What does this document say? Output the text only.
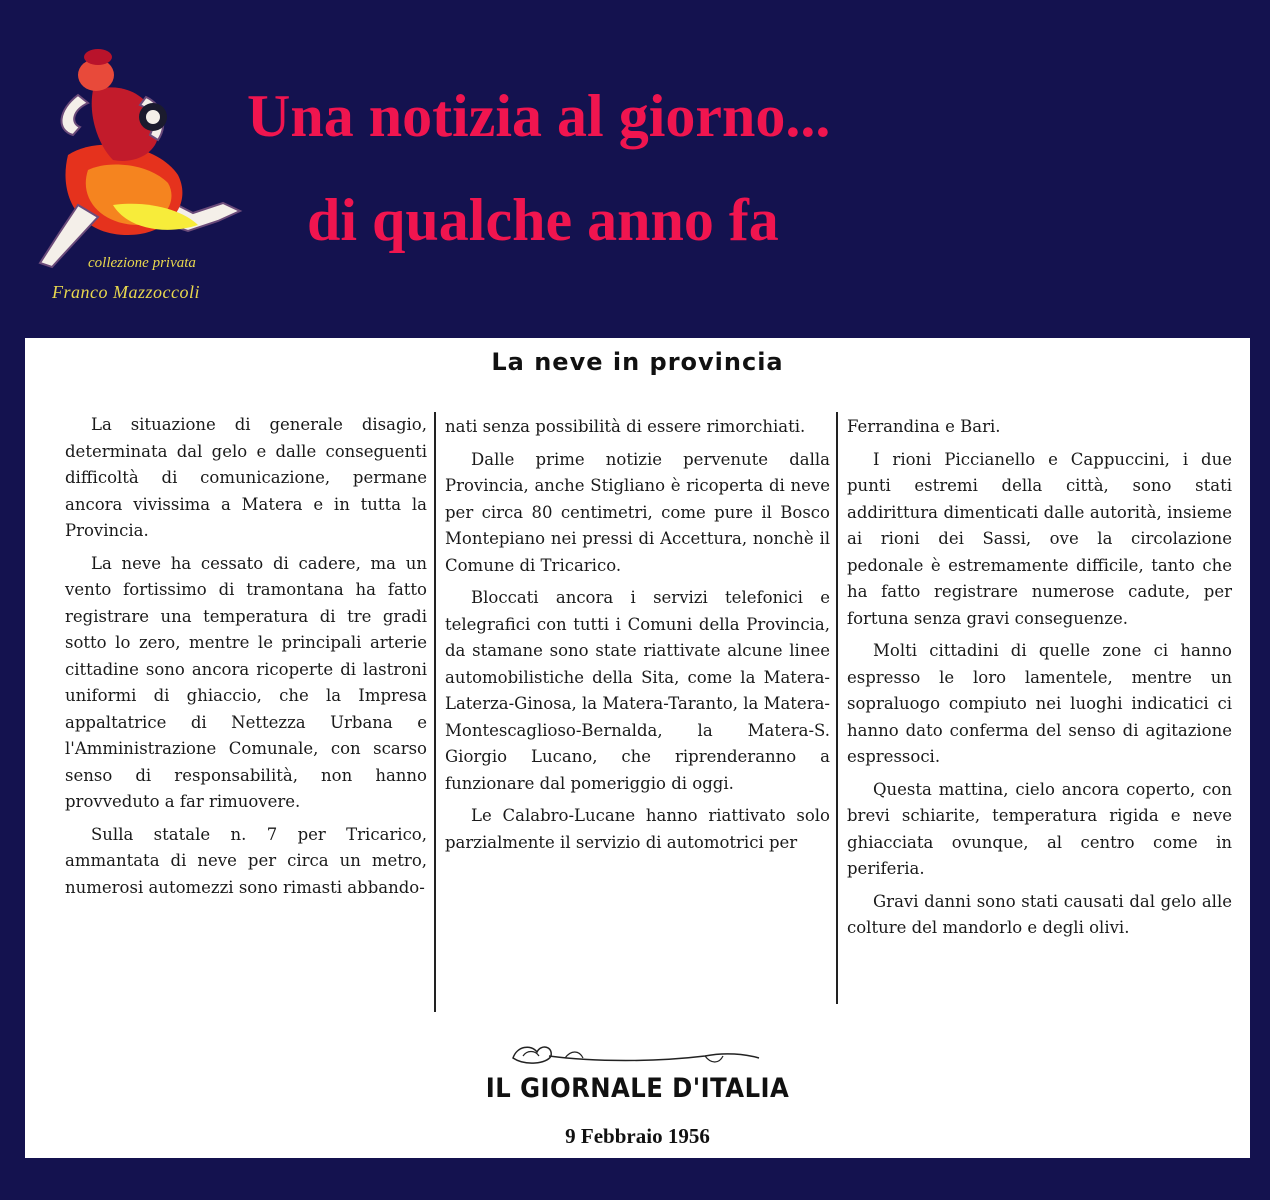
collezione privata
Franco Mazzoccoli
Una notizia al giorno...
di qualche anno fa
La neve in provincia

La situazione di generale disagio, determinata dal gelo e dalle conseguenti difficoltà di comunicazione, permane ancora vivissima a Matera e in tutta la Provincia.

La neve ha cessato di cadere, ma un vento fortissimo di tramontana ha fatto registrare una temperatura di tre gradi sotto lo zero, mentre le principali arterie cittadine sono ancora ricoperte di lastroni uniformi di ghiaccio, che la Impresa appaltatrice di Nettezza Urbana e l'Amministrazione Comunale, con scarso senso di responsabilità, non hanno provveduto a far rimuovere.

Sulla statale n. 7 per Tricarico, ammantata di neve per circa un metro, numerosi automezzi sono rimasti abbando-

nati senza possibilità di essere rimorchiati.

Dalle prime notizie pervenute dalla Provincia, anche Stigliano è ricoperta di neve per circa 80 centimetri, come pure il Bosco Montepiano nei pressi di Accettura, nonchè il Comune di Tricarico.

Bloccati ancora i servizi telefonici e telegrafici con tutti i Comuni della Provincia, da stamane sono state riattivate alcune linee automobilistiche della Sita, come la Matera-Laterza-Ginosa, la Matera-Taranto, la Matera-Montescaglioso-Bernalda, la Matera-S. Giorgio Lucano, che riprenderanno a funzionare dal pomeriggio di oggi.

Le Calabro-Lucane hanno riattivato solo parzialmente il servizio di automotrici per

Ferrandina e Bari.

I rioni Piccianello e Cappuccini, i due punti estremi della città, sono stati addirittura dimenticati dalle autorità, insieme ai rioni dei Sassi, ove la circolazione pedonale è estremamente difficile, tanto che ha fatto registrare numerose cadute, per fortuna senza gravi conseguenze.

Molti cittadini di quelle zone ci hanno espresso le loro lamentele, mentre un sopraluogo compiuto nei luoghi indicatici ci hanno dato conferma del senso di agitazione espressoci.

Questa mattina, cielo ancora coperto, con brevi schiarite, temperatura rigida e neve ghiacciata ovunque, al centro come in periferia.

Gravi danni sono stati causati dal gelo alle colture del mandorlo e degli olivi.

IL GIORNALE D'ITALIA
9 Febbraio 1956
